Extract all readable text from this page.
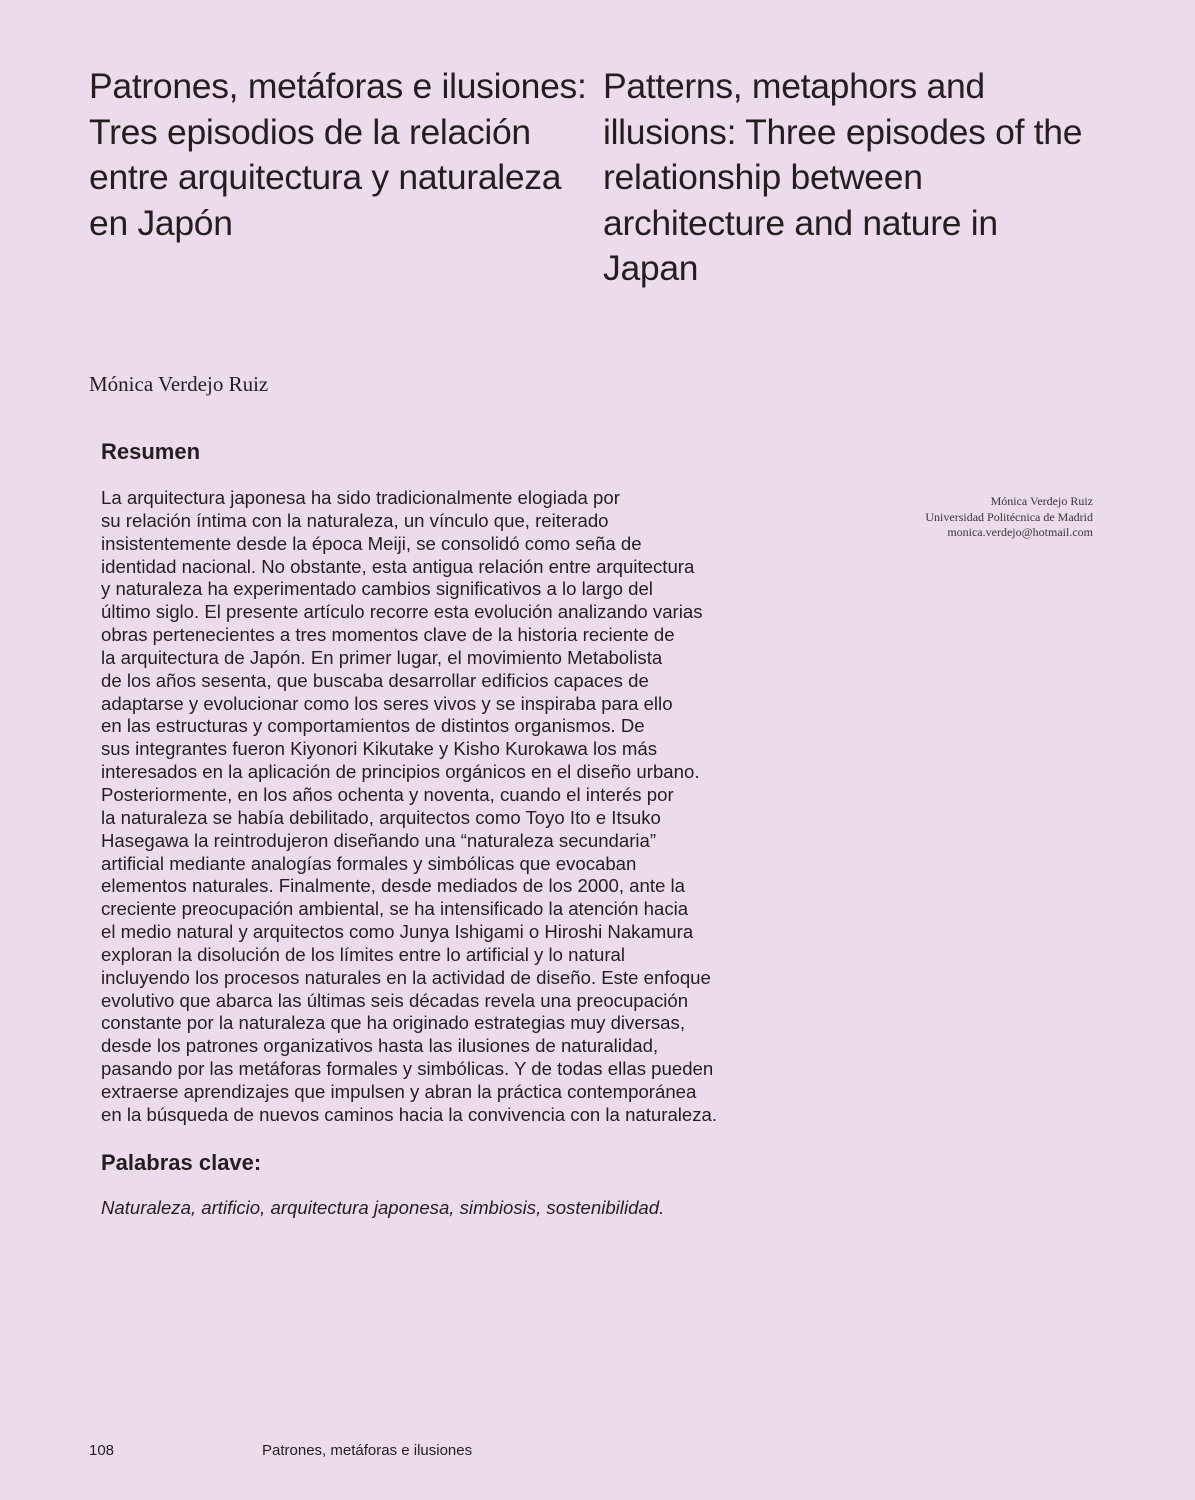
Patrones, metáforas e ilusiones: Tres episodios de la relación entre arquitectura y naturaleza en Japón
Patterns, metaphors and illusions: Three episodes of the relationship between architecture and nature in Japan

Mónica Verdejo Ruiz

Resumen

La arquitectura japonesa ha sido tradicionalmente elogiada por
su relación íntima con la naturaleza, un vínculo que, reiterado
insistentemente desde la época Meiji, se consolidó como seña de
identidad nacional. No obstante, esta antigua relación entre arquitectura
y naturaleza ha experimentado cambios significativos a lo largo del
último siglo. El presente artículo recorre esta evolución analizando varias
obras pertenecientes a tres momentos clave de la historia reciente de
la arquitectura de Japón. En primer lugar, el movimiento Metabolista
de los años sesenta, que buscaba desarrollar edificios capaces de
adaptarse y evolucionar como los seres vivos y se inspiraba para ello
en las estructuras y comportamientos de distintos organismos. De
sus integrantes fueron Kiyonori Kikutake y Kisho Kurokawa los más
interesados en la aplicación de principios orgánicos en el diseño urbano.
Posteriormente, en los años ochenta y noventa, cuando el interés por
la naturaleza se había debilitado, arquitectos como Toyo Ito e Itsuko
Hasegawa la reintrodujeron diseñando una “naturaleza secundaria”
artificial mediante analogías formales y simbólicas que evocaban
elementos naturales. Finalmente, desde mediados de los 2000, ante la
creciente preocupación ambiental, se ha intensificado la atención hacia
el medio natural y arquitectos como Junya Ishigami o Hiroshi Nakamura
exploran la disolución de los límites entre lo artificial y lo natural
incluyendo los procesos naturales en la actividad de diseño. Este enfoque
evolutivo que abarca las últimas seis décadas revela una preocupación
constante por la naturaleza que ha originado estrategias muy diversas,
desde los patrones organizativos hasta las ilusiones de naturalidad,
pasando por las metáforas formales y simbólicas. Y de todas ellas pueden
extraerse aprendizajes que impulsen y abran la práctica contemporánea
en la búsqueda de nuevos caminos hacia la convivencia con la naturaleza.

Mónica Verdejo Ruiz
Universidad Politécnica de Madrid
monica.verdejo@hotmail.com
Palabras clave:

Naturaleza, artificio, arquitectura japonesa, simbiosis, sostenibilidad.

108	Patrones, metáforas e ilusiones
